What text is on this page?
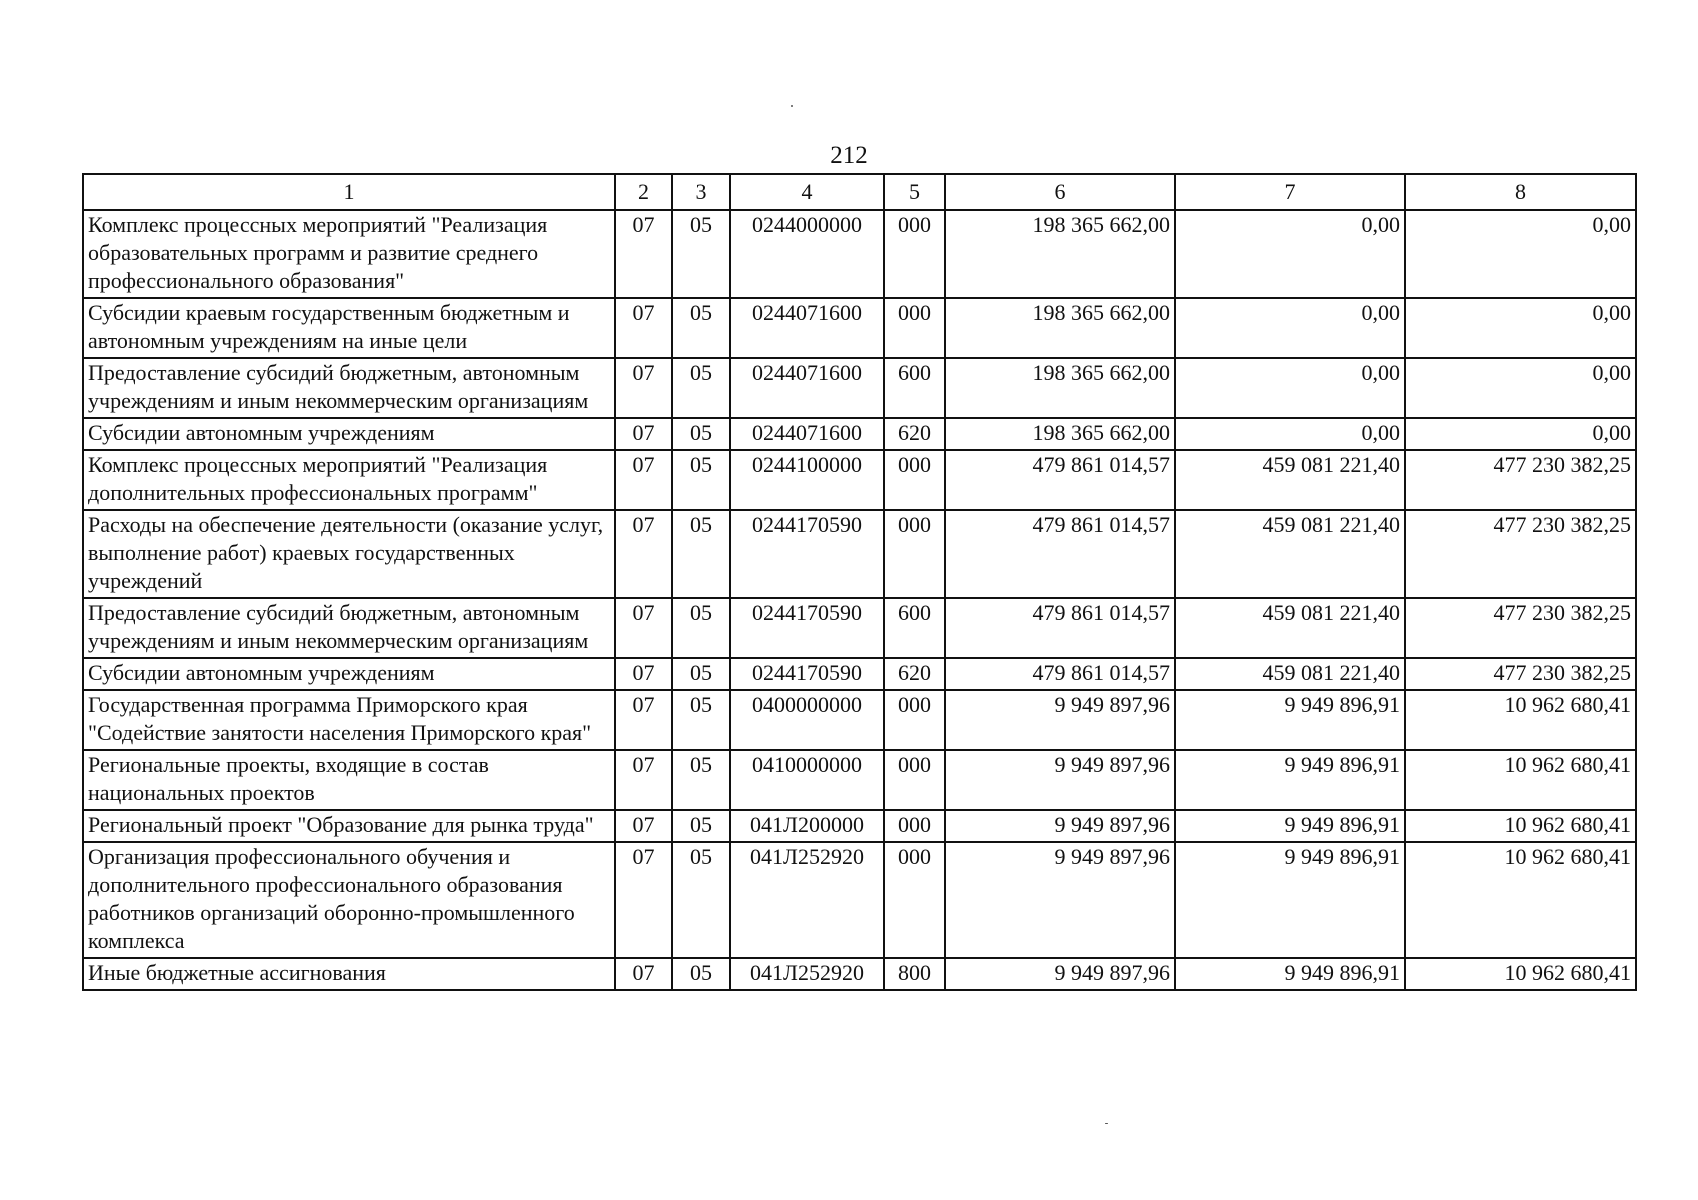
212
1	2	3	4	5	6	7	8
Комплекс процессных мероприятий "Реализация образовательных программ и развитие среднего профессионального образования"	07	05	0244000000	000	198 365 662,00	0,00	0,00
Субсидии краевым государственным бюджетным и автономным учреждениям на иные цели	07	05	0244071600	000	198 365 662,00	0,00	0,00
Предоставление субсидий бюджетным, автономным учреждениям и иным некоммерческим организациям	07	05	0244071600	600	198 365 662,00	0,00	0,00
Субсидии автономным учреждениям	07	05	0244071600	620	198 365 662,00	0,00	0,00
Комплекс процессных мероприятий "Реализация дополнительных профессиональных программ"	07	05	0244100000	000	479 861 014,57	459 081 221,40	477 230 382,25
Расходы на обеспечение деятельности (оказание услуг, выполнение работ) краевых государственных учреждений	07	05	0244170590	000	479 861 014,57	459 081 221,40	477 230 382,25
Предоставление субсидий бюджетным, автономным учреждениям и иным некоммерческим организациям	07	05	0244170590	600	479 861 014,57	459 081 221,40	477 230 382,25
Субсидии автономным учреждениям	07	05	0244170590	620	479 861 014,57	459 081 221,40	477 230 382,25
Государственная программа Приморского края "Содействие занятости населения Приморского края"	07	05	0400000000	000	9 949 897,96	9 949 896,91	10 962 680,41
Региональные проекты, входящие в состав национальных проектов	07	05	0410000000	000	9 949 897,96	9 949 896,91	10 962 680,41
Региональный проект "Образование для рынка труда"	07	05	041Л200000	000	9 949 897,96	9 949 896,91	10 962 680,41
Организация профессионального обучения и дополнительного профессионального образования работников организаций оборонно-промышленного комплекса	07	05	041Л252920	000	9 949 897,96	9 949 896,91	10 962 680,41
Иные бюджетные ассигнования	07	05	041Л252920	800	9 949 897,96	9 949 896,91	10 962 680,41
